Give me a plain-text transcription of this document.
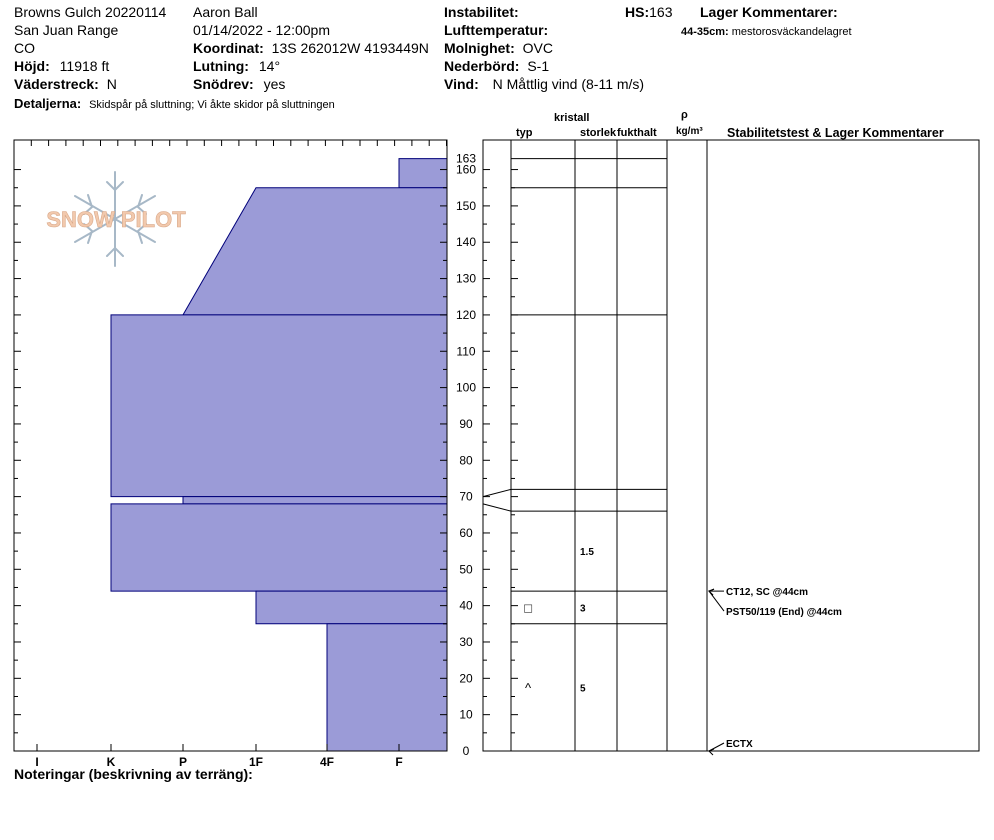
Browns Gulch 20220114
San Juan Range
CO
Höjd: 11918 ft
Väderstreck: N
Detaljerna: Skidspår på sluttning; Vi åkte skidor på sluttningen
Aaron Ball
01/14/2022 - 12:00pm
Koordinat: 13S 262012W 4193449N
Lutning: 14°
Snödrev: yes
Instabilitet:
Lufttemperatur:
Molnighet: OVC
Nederbörd: S-1
Vind: N Måttlig vind (8-11 m/s)
HS:163 Lager Kommentarer:
44-35cm: mestorosväckandelagret
kristall
typ	storlek fukthalt
ρ
kg/m³ Stabilitetstest & Lager Kommentarer
SNOW PILOT
I	K	P	1F	4F	F
0
10
20
30
40
50
60
70
80
90
100
110
120
130
140
150
160
163
1.5
3
5
□
^
CT12, SC @44cm
PST50/119 (End) @44cm
ECTX
Noteringar (beskrivning av terräng):
